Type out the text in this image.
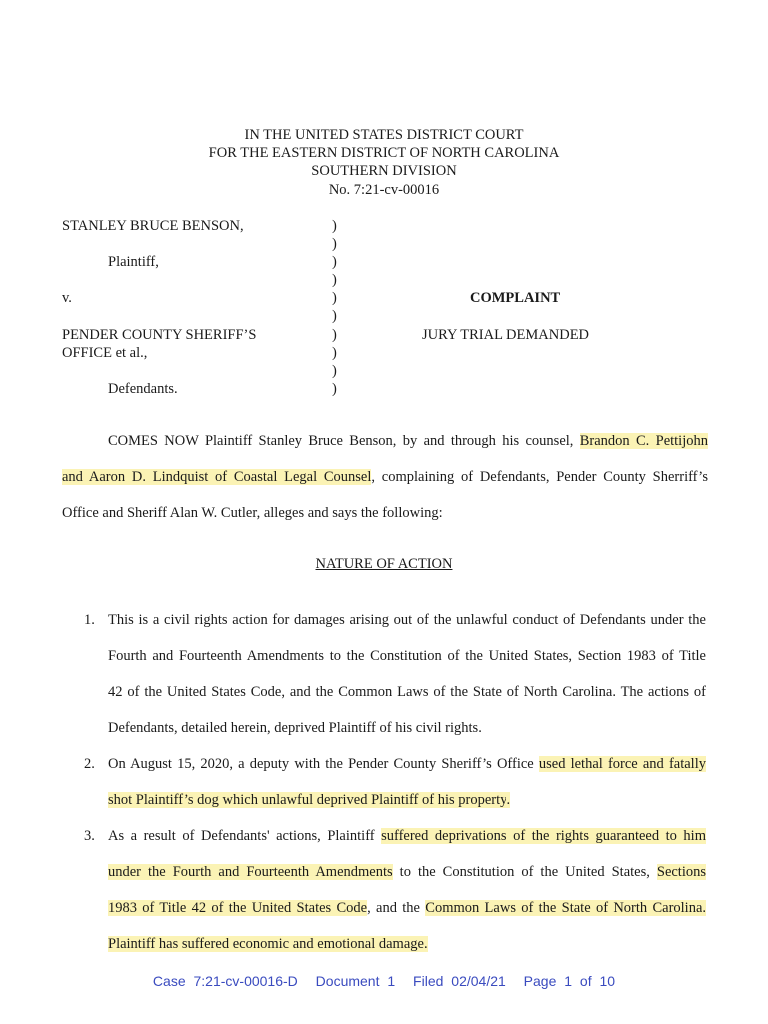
IN THE UNITED STATES DISTRICT COURT
FOR THE EASTERN DISTRICT OF NORTH CAROLINA
SOUTHERN DIVISION
No. 7:21-cv-00016
STANLEY BRUCE BENSON,	)
)
Plaintiff,	)
)
v.	)	COMPLAINT
)
PENDER COUNTY SHERIFF’S	)	JURY TRIAL DEMANDED
OFFICE et al.,	)
)
Defendants.	)
COMES NOW Plaintiff Stanley Bruce Benson, by and through his counsel, Brandon C. Pettijohn
and Aaron D. Lindquist of Coastal Legal Counsel, complaining of Defendants, Pender County Sherriff’s
Office and Sheriff Alan W. Cutler, alleges and says the following:
NATURE OF ACTION
1. This is a civil rights action for damages arising out of the unlawful conduct of Defendants under the
Fourth and Fourteenth Amendments to the Constitution of the United States, Section 1983 of Title
42 of the United States Code, and the Common Laws of the State of North Carolina. The actions of
Defendants, detailed herein, deprived Plaintiff of his civil rights.
2. On August 15, 2020, a deputy with the Pender County Sheriff’s Office used lethal force and fatally
shot Plaintiff’s dog which unlawful deprived Plaintiff of his property.
3. As a result of Defendants' actions, Plaintiff suffered deprivations of the rights guaranteed to him
under the Fourth and Fourteenth Amendments to the Constitution of the United States, Sections
1983 of Title 42 of the United States Code, and the Common Laws of the State of North Carolina.
Plaintiff has suffered economic and emotional damage.
Case 7:21-cv-00016-D Document 1 Filed 02/04/21 Page 1 of 10
